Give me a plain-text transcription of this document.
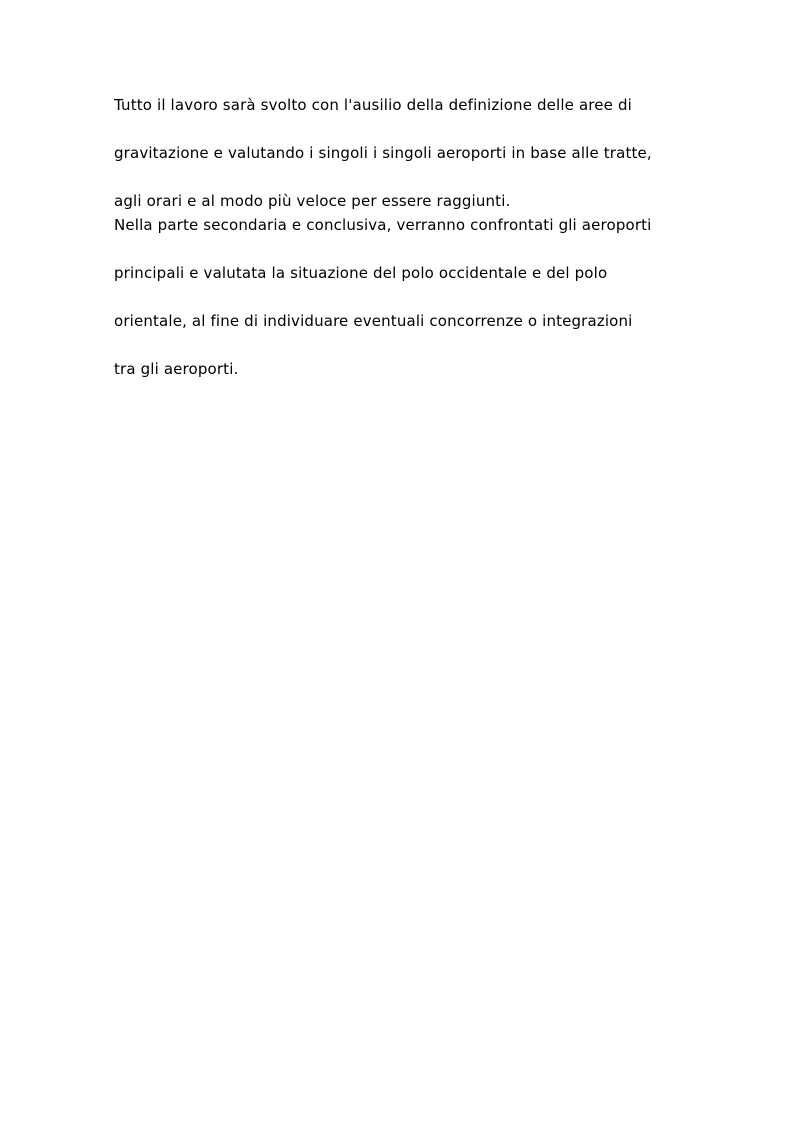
Tutto il lavoro sarà svolto con l'ausilio della definizione delle aree di
gravitazione e valutando i singoli i singoli aeroporti in base alle tratte,
agli orari e al modo più veloce per essere raggiunti.
Nella parte secondaria e conclusiva, verranno confrontati gli aeroporti
principali e valutata la situazione del polo occidentale e del polo
orientale, al fine di individuare eventuali concorrenze o integrazioni
tra gli aeroporti.
